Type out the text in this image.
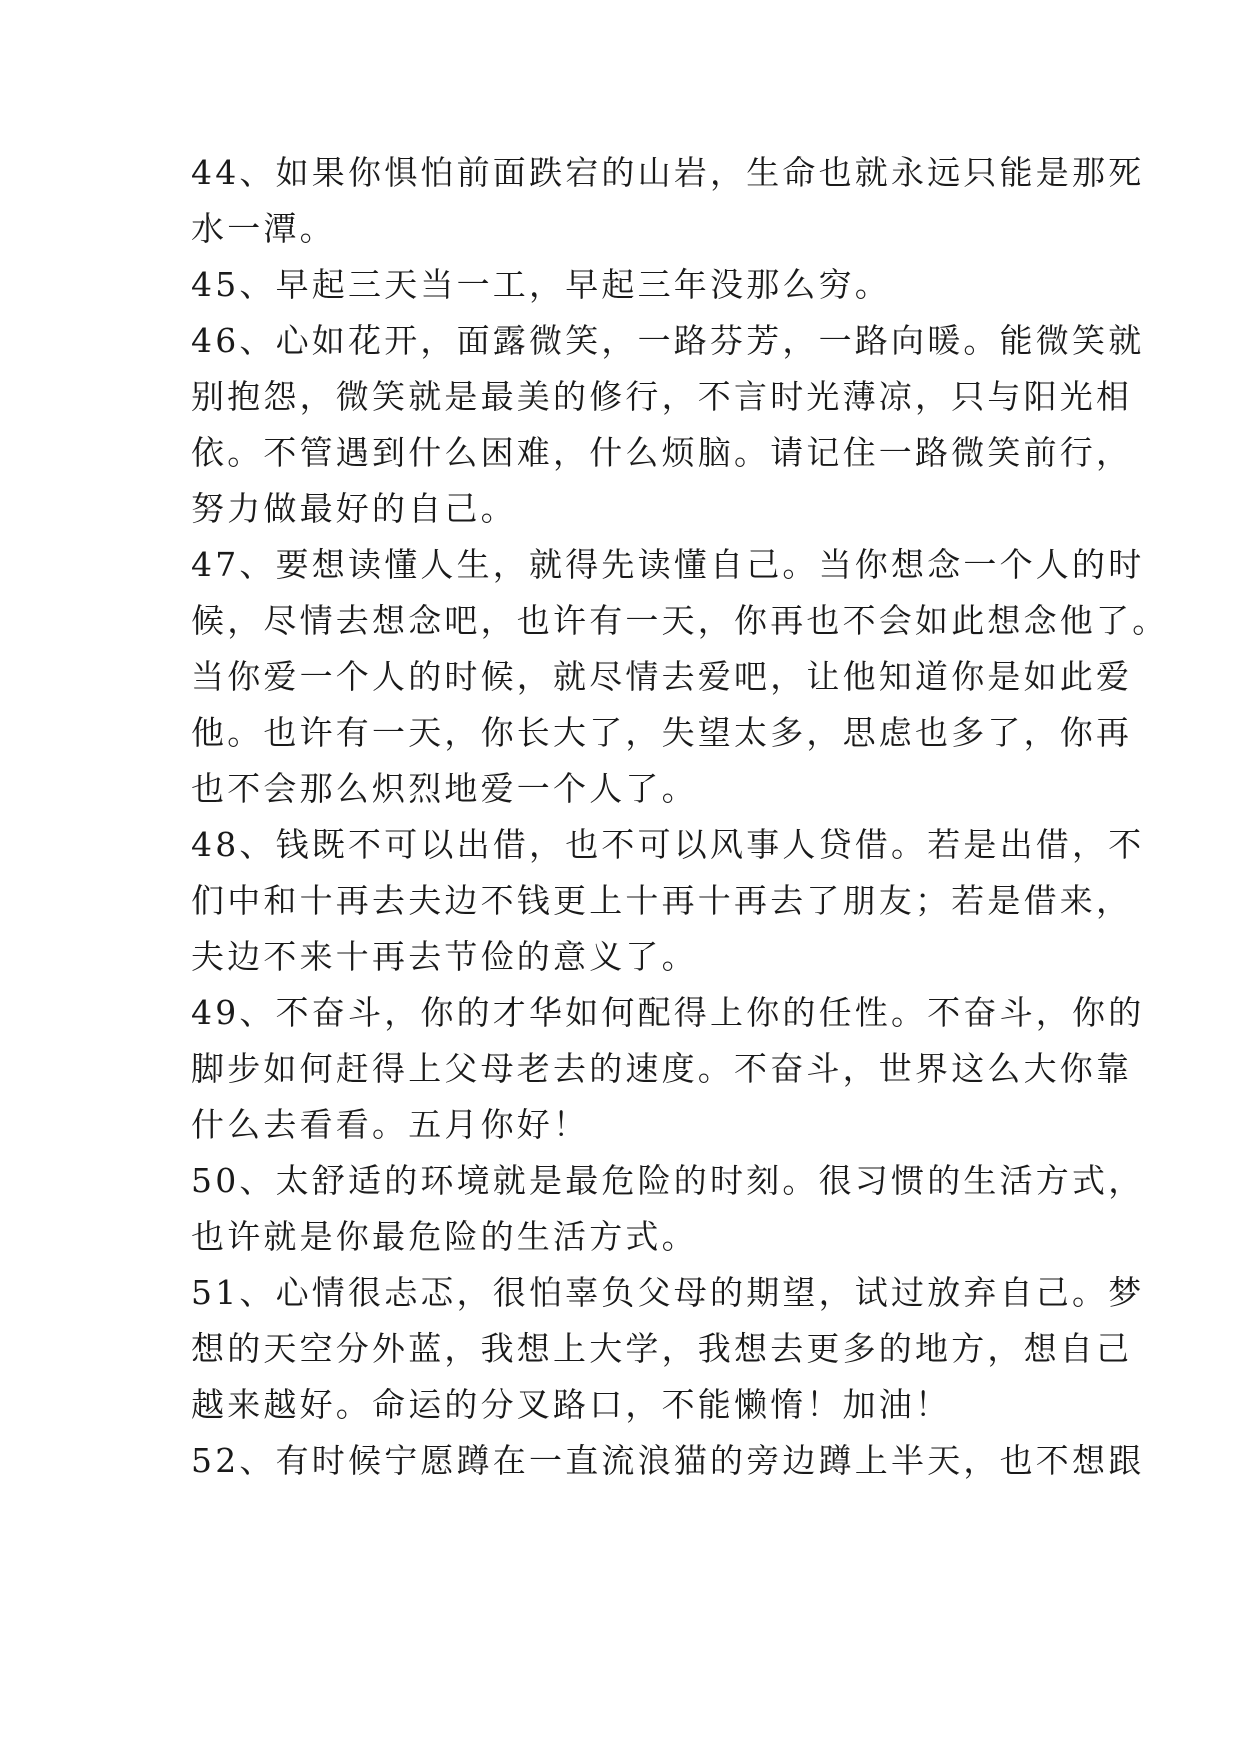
44、如果你惧怕前面跌宕的山岩，生命也就永远只能是那死
水一潭。
45、早起三天当一工，早起三年没那么穷。
46、心如花开，面露微笑，一路芬芳，一路向暖。能微笑就
别抱怨，微笑就是最美的修行，不言时光薄凉，只与阳光相
依。不管遇到什么困难，什么烦脑。请记住一路微笑前行，
努力做最好的自己。
47、要想读懂人生，就得先读懂自己。当你想念一个人的时
候，尽情去想念吧，也许有一天，你再也不会如此想念他了。
当你爱一个人的时候，就尽情去爱吧，让他知道你是如此爱
他。也许有一天，你长大了，失望太多，思虑也多了，你再
也不会那么炽烈地爱一个人了。
48、钱既不可以出借，也不可以风事人贷借。若是出借，不
们中和十再去夫边不钱更上十再十再去了朋友；若是借来，
夫边不来十再去节俭的意义了。
49、不奋斗，你的才华如何配得上你的任性。不奋斗，你的
脚步如何赶得上父母老去的速度。不奋斗，世界这么大你靠
什么去看看。五月你好！
50、太舒适的环境就是最危险的时刻。很习惯的生活方式，
也许就是你最危险的生活方式。
51、心情很忐忑，很怕辜负父母的期望，试过放弃自己。梦
想的天空分外蓝，我想上大学，我想去更多的地方，想自己
越来越好。命运的分叉路口，不能懒惰！加油！
52、有时候宁愿蹲在一直流浪猫的旁边蹲上半天，也不想跟
